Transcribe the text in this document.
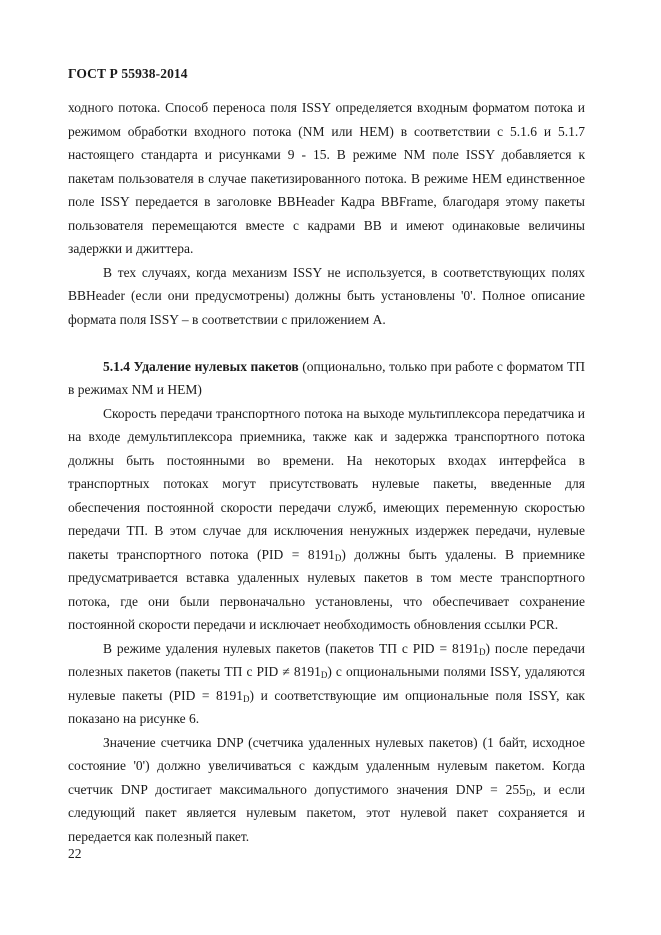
ГОСТ Р 55938-2014

ходного потока. Способ переноса поля ISSY определяется входным форматом потока и режимом обработки входного потока (NM или HEM) в соответствии с 5.1.6 и 5.1.7 настоящего стандарта и рисунками 9 - 15. В режиме NM поле ISSY добавляется к пакетам пользователя в случае пакетизированного потока. В режиме HEM единственное поле ISSY передается в заголовке BBHeader Кадра BBFrame, благодаря этому пакеты пользователя перемещаются вместе с кадрами BB и имеют одинаковые величины задержки и джиттера.

В тех случаях, когда механизм ISSY не используется, в соответствующих полях BBHeader (если они предусмотрены) должны быть установлены '0'. Полное описание формата поля ISSY – в соответствии с приложением А.

5.1.4 Удаление нулевых пакетов (опционально, только при работе с форматом ТП в режимах NM и HEM)

Скорость передачи транспортного потока на выходе мультиплексора передатчика и на входе демультиплексора приемника, также как и задержка транспортного потока должны быть постоянными во времени. На некоторых входах интерфейса в транспортных потоках могут присутствовать нулевые пакеты, введенные для обеспечения постоянной скорости передачи служб, имеющих переменную скоростью передачи ТП. В этом случае для исключения ненужных издержек передачи, нулевые пакеты транспортного потока $(PID = 8191_D)$ должны быть удалены. В приемнике предусматривается вставка удаленных нулевых пакетов в том месте транспортного потока, где они были первоначально установлены, что обеспечивает сохранение постоянной скорости передачи и исключает необходимость обновления ссылки PCR.

В режиме удаления нулевых пакетов (пакетов ТП с PID = $8191_D$) после передачи полезных пакетов (пакеты ТП с PID ≠ $8191_D$) с опциональными полями ISSY, удаляются нулевые пакеты $(PID = 8191_D)$ и соответствующие им опциональные поля ISSY, как показано на рисунке 6.

Значение счетчика DNP (счетчика удаленных нулевых пакетов) (1 байт, исходное состояние '0') должно увеличиваться с каждым удаленным нулевым пакетом. Когда счетчик DNP достигает максимального допустимого значения DNP = $255_D$, и если следующий пакет является нулевым пакетом, этот нулевой пакет сохраняется и передается как полезный пакет.

22
